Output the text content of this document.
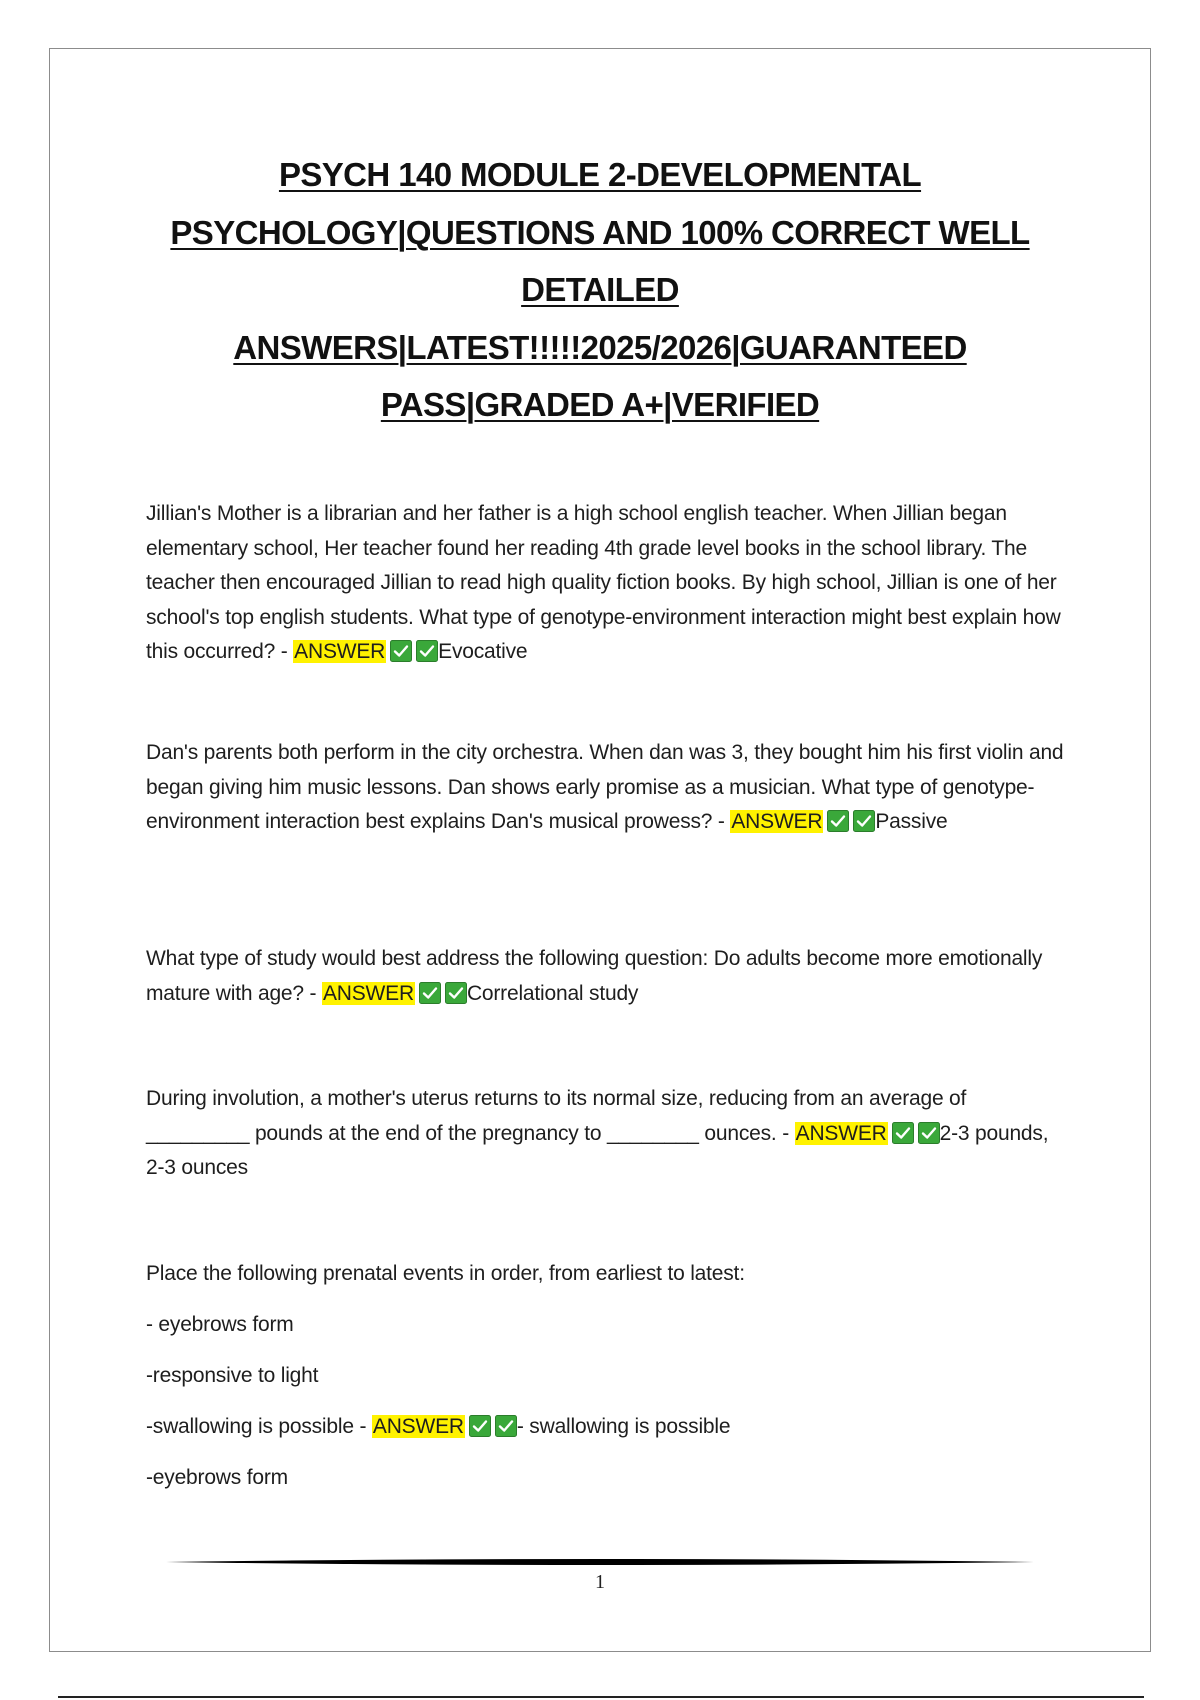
PSYCH 140 MODULE 2-DEVELOPMENTAL
PSYCHOLOGY|QUESTIONS AND 100% CORRECT WELL
DETAILED
ANSWERS|LATEST!!!!!2025/2026|GUARANTEED
PASS|GRADED A+|VERIFIED

Jillian's Mother is a librarian and her father is a high school english teacher. When Jillian began elementary school, Her teacher found her reading 4th grade level books in the school library. The teacher then encouraged Jillian to read high quality fiction books. By high school, Jillian is one of her school's top english students. What type of genotype-environment interaction might best explain how this occurred? - ANSWER	Evocative

Dan's parents both perform in the city orchestra. When dan was 3, they bought him his first violin and began giving him music lessons. Dan shows early promise as a musician. What type of genotype-environment interaction best explains Dan's musical prowess? - ANSWER	Passive

What type of study would best address the following question: Do adults become more emotionally mature with age? - ANSWER	Correlational study

During involution, a mother's uterus returns to its normal size, reducing from an average of _________ pounds at the end of the pregnancy to ________ ounces. - ANSWER	2-3 pounds, 2-3 ounces

Place the following prenatal events in order, from earliest to latest:

- eyebrows form

-responsive to light

-swallowing is possible - ANSWER	- swallowing is possible

-eyebrows form

1
